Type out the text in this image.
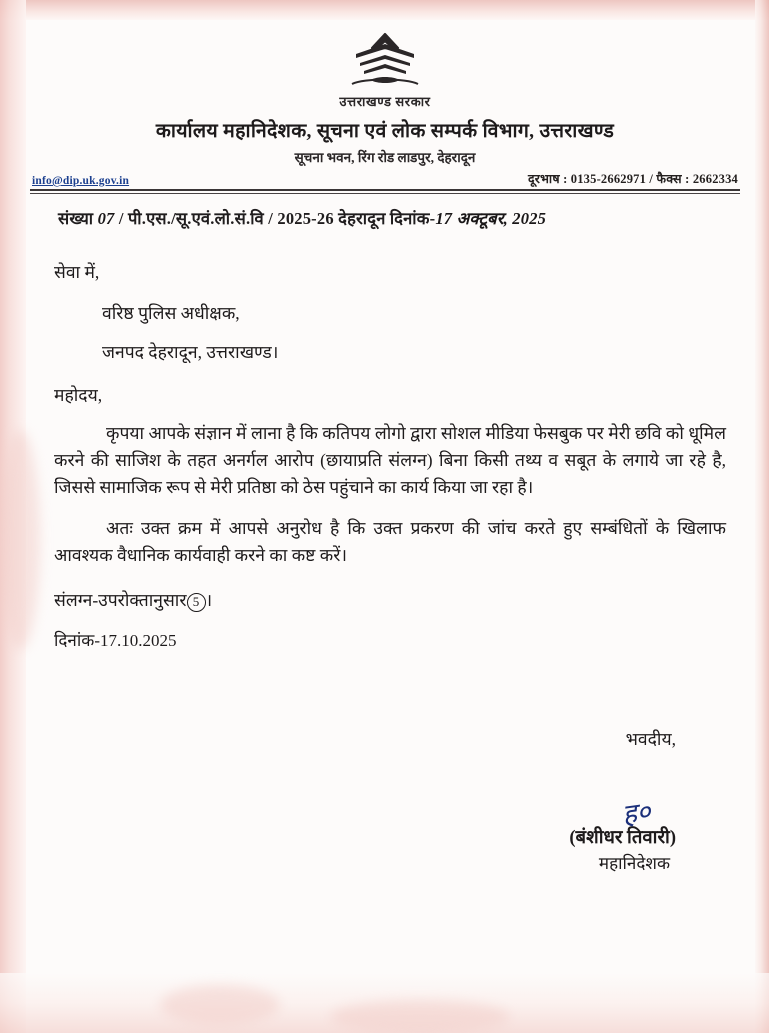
उत्तराखण्ड सरकार
कार्यालय महानिदेशक, सूचना एवं लोक सम्पर्क विभाग, उत्तराखण्ड
सूचना भवन, रिंग रोड लाडपुर, देहरादून
info@dip.uk.gov.in	दूरभाष : 0135-2662971 / फैक्स : 2662334
संख्या 07 / पी.एस./सू.एवं.लो.सं.वि / 2025-26 देहरादून दिनांक-17 अक्टूबर, 2025
सेवा में,
वरिष्ठ पुलिस अधीक्षक,
जनपद देहरादून, उत्तराखण्ड।
महोदय,
कृपया आपके संज्ञान में लाना है कि कतिपय लोगो द्वारा सोशल मीडिया फेसबुक पर मेरी छवि को धूमिल करने की साजिश के तहत अनर्गल आरोप (छायाप्रति संलग्न) बिना किसी तथ्य व सबूत के लगाये जा रहे है, जिससे सामाजिक रूप से मेरी प्रतिष्ठा को ठेस पहुंचाने का कार्य किया जा रहा है।
अतः उक्त क्रम में आपसे अनुरोध है कि उक्त प्रकरण की जांच करते हुए सम्बंधितों के खिलाफ आवश्यक वैधानिक कार्यवाही करने का कष्ट करें।
संलग्न-उपरोक्तानुसार 5 ।
दिनांक-17.10.2025
भवदीय,
ह०
(बंशीधर तिवारी)
महानिदेशक
